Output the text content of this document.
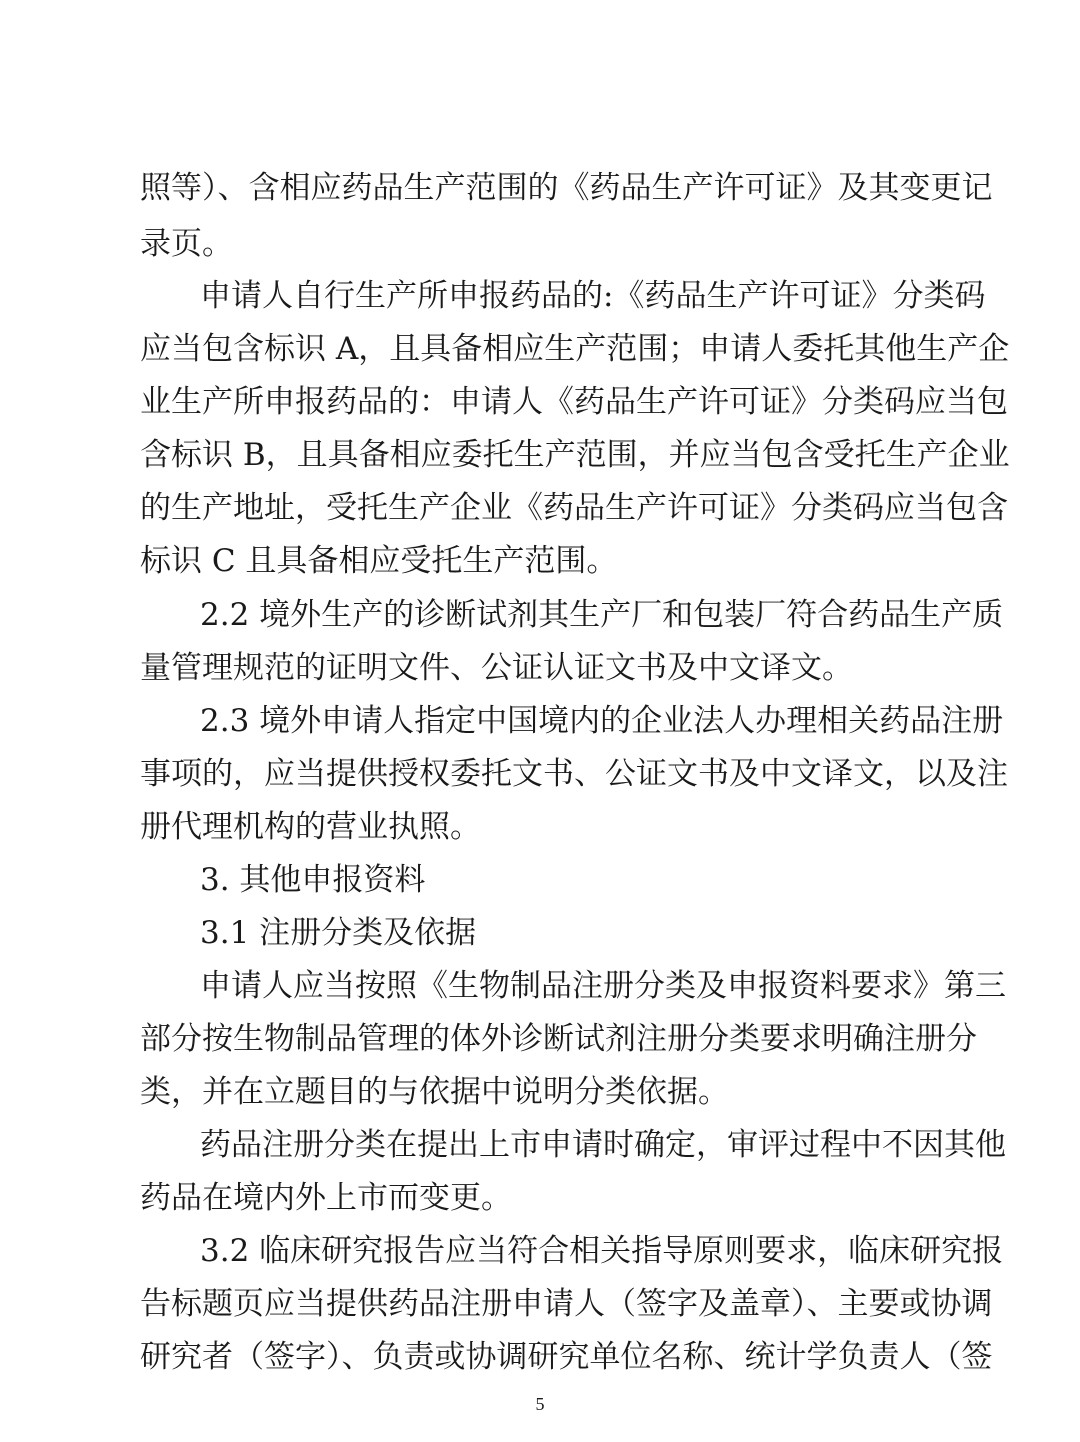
照等）、含相应药品生产范围的《药品生产许可证》及其变更记
录页。
申请人自行生产所申报药品的:《药品生产许可证》分类码
应当包含标识 A，且具备相应生产范围；申请人委托其他生产企
业生产所申报药品的：申请人《药品生产许可证》分类码应当包
含标识 B，且具备相应委托生产范围，并应当包含受托生产企业
的生产地址，受托生产企业《药品生产许可证》分类码应当包含
标识 C 且具备相应受托生产范围。
2.2 境外生产的诊断试剂其生产厂和包装厂符合药品生产质
量管理规范的证明文件、公证认证文书及中文译文。
2.3 境外申请人指定中国境内的企业法人办理相关药品注册
事项的，应当提供授权委托文书、公证文书及中文译文，以及注
册代理机构的营业执照。
3. 其他申报资料
3.1 注册分类及依据
申请人应当按照《生物制品注册分类及申报资料要求》第三
部分按生物制品管理的体外诊断试剂注册分类要求明确注册分
类，并在立题目的与依据中说明分类依据。
药品注册分类在提出上市申请时确定，审评过程中不因其他
药品在境内外上市而变更。
3.2 临床研究报告应当符合相关指导原则要求，临床研究报
告标题页应当提供药品注册申请人（签字及盖章）、主要或协调
研究者（签字）、负责或协调研究单位名称、统计学负责人（签
5
